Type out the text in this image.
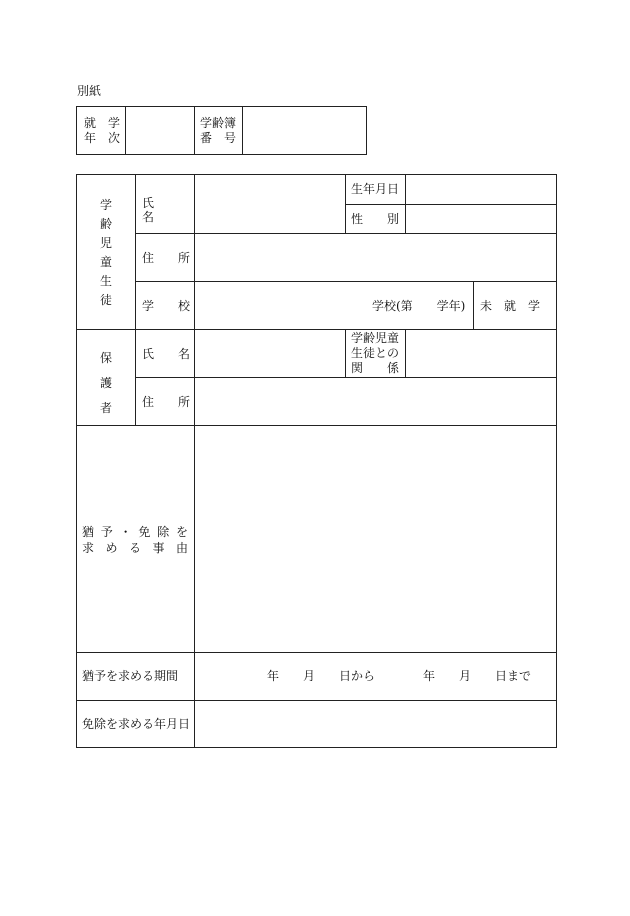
別紙
就　学
年　次
学齢簿
番　号
学齢児童生徒
氏　　名
生年月日
性　　別
住　　所
学　　校	学校(第　　学年) 未　就　学
保護者
氏　　名
学齢児童
生徒との
関　　係
住　　所
猶 予 ・ 免 除 を
求 め る 事 由
猶予を求める期間	年　　月　　日から　　　　年　　月　　日まで
免除を求める年月日
